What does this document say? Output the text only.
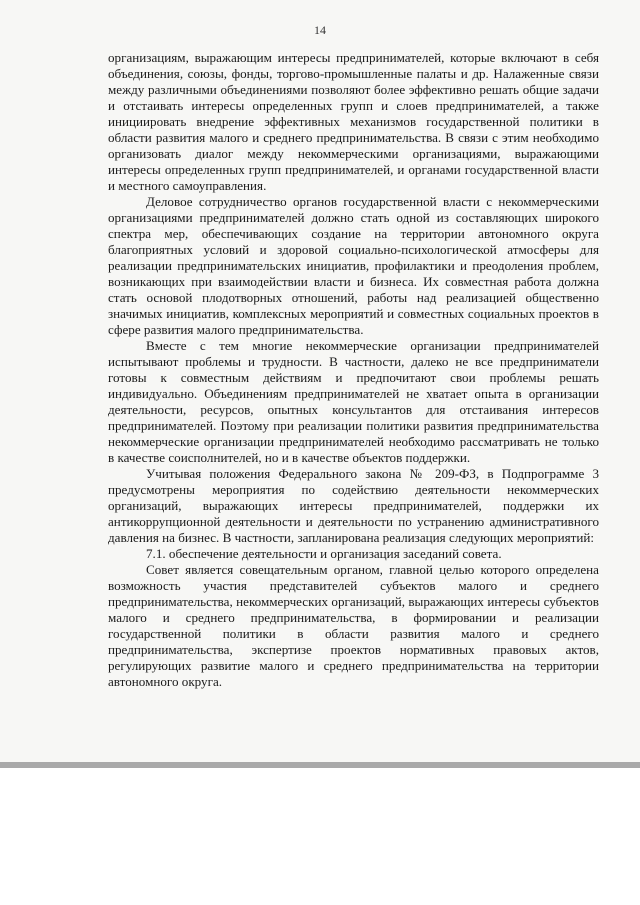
14

организациям, выражающим интересы предпринимателей, которые включают в себя объединения, союзы, фонды, торгово-промышленные палаты и др. Налаженные связи между различными объединениями позволяют более эффективно решать общие задачи и отстаивать интересы определенных групп и слоев предпринимателей, а также инициировать внедрение эффективных механизмов государственной политики в области развития малого и среднего предпринимательства. В связи с этим необходимо организовать диалог между некоммерческими организациями, выражающими интересы определенных групп предпринимателей, и органами государственной власти и местного самоуправления.

Деловое сотрудничество органов государственной власти с некоммерческими организациями предпринимателей должно стать одной из составляющих широкого спектра мер, обеспечивающих создание на территории автономного округа благоприятных условий и здоровой социально-психологической атмосферы для реализации предпринимательских инициатив, профилактики и преодоления проблем, возникающих при взаимодействии власти и бизнеса. Их совместная работа должна стать основой плодотворных отношений, работы над реализацией общественно значимых инициатив, комплексных мероприятий и совместных социальных проектов в сфере развития малого предпринимательства.

Вместе с тем многие некоммерческие организации предпринимателей испытывают проблемы и трудности. В частности, далеко не все предприниматели готовы к совместным действиям и предпочитают свои проблемы решать индивидуально. Объединениям предпринимателей не хватает опыта в организации деятельности, ресурсов, опытных консультантов для отстаивания интересов предпринимателей. Поэтому при реализации политики развития предпринимательства некоммерческие организации предпринимателей необходимо рассматривать не только в качестве соисполнителей, но и в качестве объектов поддержки.

Учитывая положения Федерального закона № 209-ФЗ, в Подпрограмме 3 предусмотрены мероприятия по содействию деятельности некоммерческих организаций, выражающих интересы предпринимателей, поддержки их антикоррупционной деятельности и деятельности по устранению административного давления на бизнес. В частности, запланирована реализация следующих мероприятий:

7.1. обеспечение деятельности и организация заседаний совета.

Совет является совещательным органом, главной целью которого определена возможность участия представителей субъектов малого и среднего предпринимательства, некоммерческих организаций, выражающих интересы субъектов малого и среднего предпринимательства, в формировании и реализации государственной политики в области развития малого и среднего предпринимательства, экспертизе проектов нормативных правовых актов, регулирующих развитие малого и среднего предпринимательства на территории автономного округа.
